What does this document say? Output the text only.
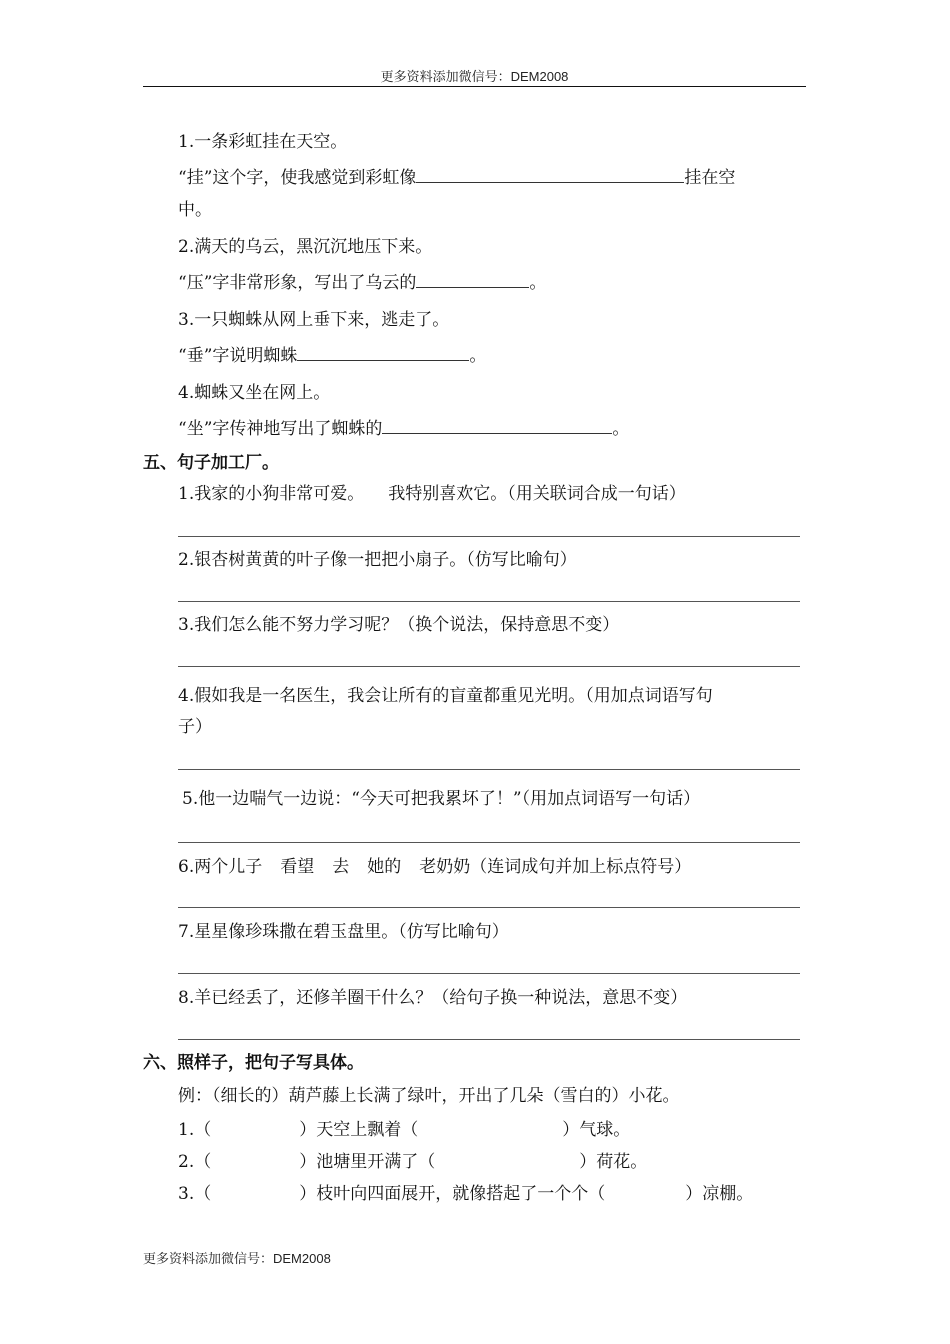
更多资料添加微信号：DEM2008
1.一条彩虹挂在天空。
“挂”这个字，使我感觉到彩虹像	挂在空
中。
2.满天的乌云，黑沉沉地压下来。
“压”字非常形象，写出了乌云的	。
3.一只蜘蛛从网上垂下来，逃走了。
“垂”字说明蜘蛛	。
4.蜘蛛又坐在网上。
“坐”字传神地写出了蜘蛛的	。
五、句子加工厂。
1.我家的小狗非常可爱。 我特别喜欢它。（用关联词合成一句话）
2.银杏树黄黄的叶子像一把把小扇子。（仿写比喻句）
3.我们怎么能不努力学习呢？（换个说法，保持意思不变）
4.假如我是一名医生，我会让所有的盲童都重见光明。（用加点词语写句
子）
5.他一边喘气一边说：“今天可把我累坏了！”（用加点词语写一句话）
6.两个儿子 看望 去 她的 老奶奶（连词成句并加上标点符号）
7.星星像珍珠撒在碧玉盘里。（仿写比喻句）
8.羊已经丢了，还修羊圈干什么？（给句子换一种说法，意思不变）
六、照样子，把句子写具体。
例：（细长的）葫芦藤上长满了绿叶，开出了几朵（雪白的）小花。
1.（	）天空上飘着（	）气球。
2.（	）池塘里开满了（	）荷花。
3.（	）枝叶向四面展开，就像搭起了一个个（	）凉棚。
更多资料添加微信号：DEM2008
